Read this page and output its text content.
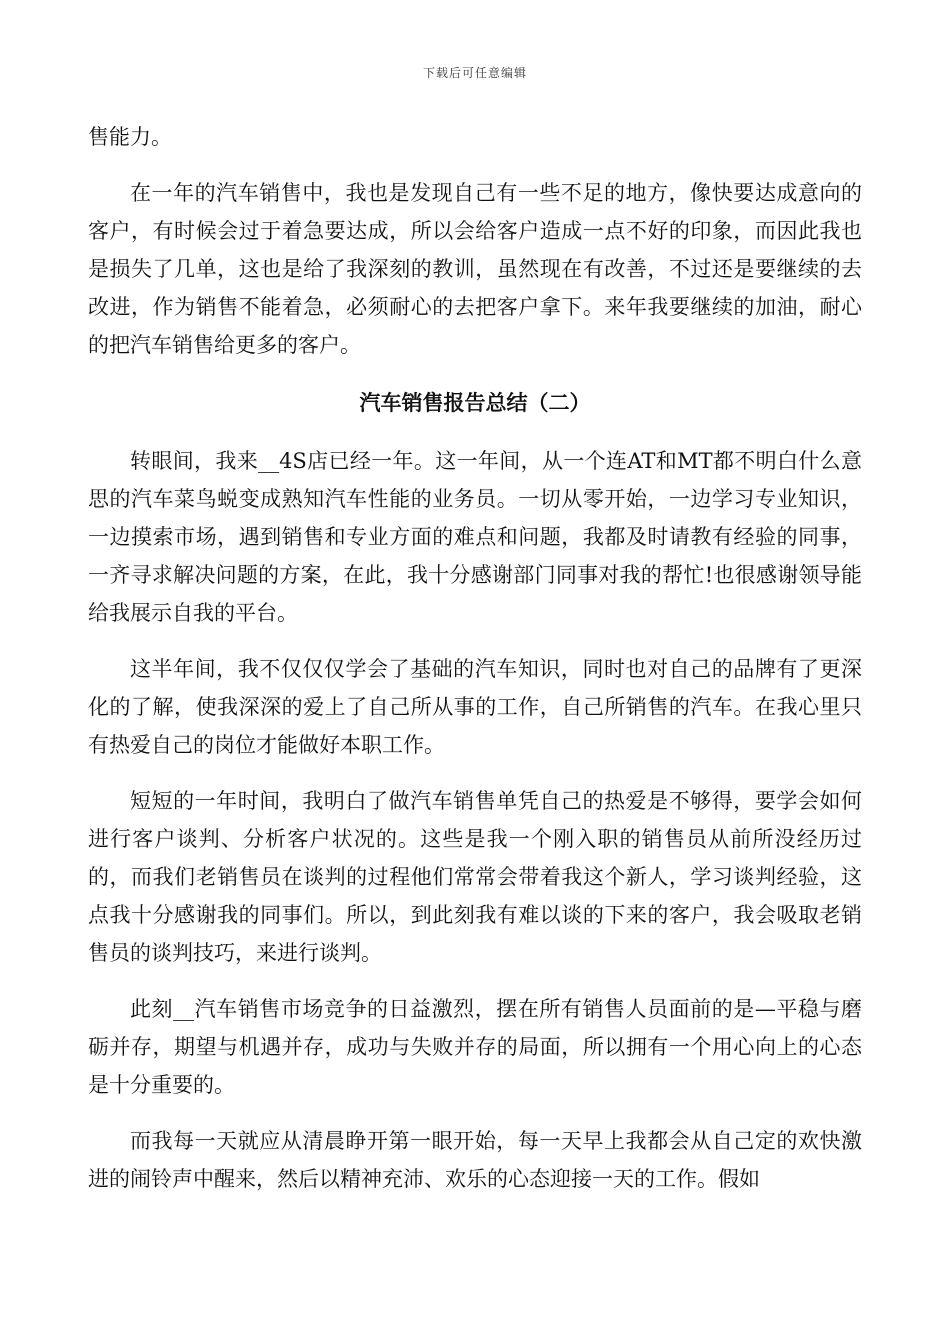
下载后可任意编辑

售能力。

在一年的汽车销售中，我也是发现自己有一些不足的地方，像快要达成意向的客户，有时候会过于着急要达成，所以会给客户造成一点不好的印象，而因此我也是损失了几单，这也是给了我深刻的教训，虽然现在有改善，不过还是要继续的去改进，作为销售不能着急，必须耐心的去把客户拿下。来年我要继续的加油，耐心的把汽车销售给更多的客户。

汽车销售报告总结（二）

转眼间，我来__4S店已经一年。这一年间，从一个连AT和MT都不明白什么意思的汽车菜鸟蜕变成熟知汽车性能的业务员。一切从零开始，一边学习专业知识，一边摸索市场，遇到销售和专业方面的难点和问题，我都及时请教有经验的同事，一齐寻求解决问题的方案，在此，我十分感谢部门同事对我的帮忙!也很感谢领导能给我展示自我的平台。

这半年间，我不仅仅仅学会了基础的汽车知识，同时也对自己的品牌有了更深化的了解，使我深深的爱上了自己所从事的工作，自己所销售的汽车。在我心里只有热爱自己的岗位才能做好本职工作。

短短的一年时间，我明白了做汽车销售单凭自己的热爱是不够得，要学会如何进行客户谈判、分析客户状况的。这些是我一个刚入职的销售员从前所没经历过的，而我们老销售员在谈判的过程他们常常会带着我这个新人，学习谈判经验，这点我十分感谢我的同事们。所以，到此刻我有难以谈的下来的客户，我会吸取老销售员的谈判技巧，来进行谈判。

此刻__汽车销售市场竞争的日益激烈，摆在所有销售人员面前的是—平稳与磨砺并存，期望与机遇并存，成功与失败并存的局面，所以拥有一个用心向上的心态是十分重要的。

而我每一天就应从清晨睁开第一眼开始，每一天早上我都会从自己定的欢快激进的闹铃声中醒来，然后以精神充沛、欢乐的心态迎接一天的工作。假如
